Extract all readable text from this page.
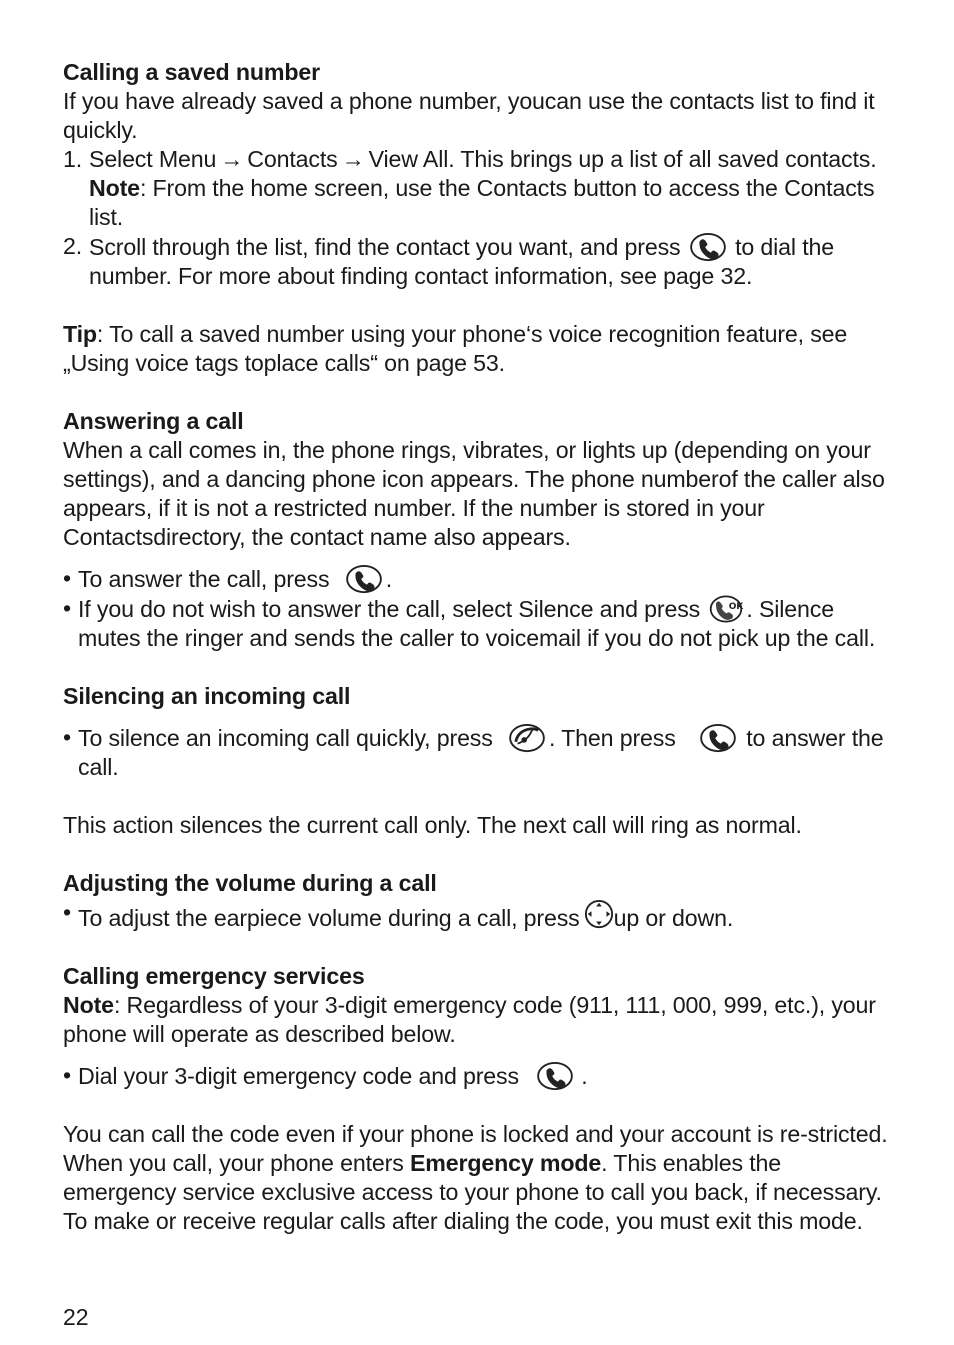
Calling a saved number

If you have already saved a phone number, youcan use the contacts list to find it quickly.

1. Select Menu → Contacts → View All. This brings up a list of all saved contacts. Note: From the home screen, use the Contacts button to access the Contacts list.
2. Scroll through the list, find the contact you want, and press to dial the number. For more about finding contact information, see page 32.

Tip: To call a saved number using your phone‘s voice recognition feature, see „Using voice tags toplace calls“ on page 53.

Answering a call

When a call comes in, the phone rings, vibrates, or lights up (depending on your settings), and a dancing phone icon appears. The phone numberof the caller also appears, if it is not a restricted number. If the number is stored in your Contactsdirectory, the contact name also appears.

• To answer the call, press .
• If you do not wish to answer the call, select Silence and press . Silence mutes the ringer and sends the caller to voicemail if you do not pick up the call.
Silencing an incoming call
• To silence an incoming call quickly, press . Then press	to answer the call.

This action silences the current call only. The next call will ring as normal.

Adjusting the volume during a call
• To adjust the earpiece volume during a call, press up or down.
Calling emergency services

Note: Regardless of your 3-digit emergency code (911, 111, 000, 999, etc.), your phone will operate as described below.

• Dial your 3-digit emergency code and press	.

You can call the code even if your phone is locked and your account is re-stricted. When you call, your phone enters Emergency mode. This enables the emergency service exclusive access to your phone to call you back, if necessary. To make or receive regular calls after dialing the code, you must exit this mode.

22
